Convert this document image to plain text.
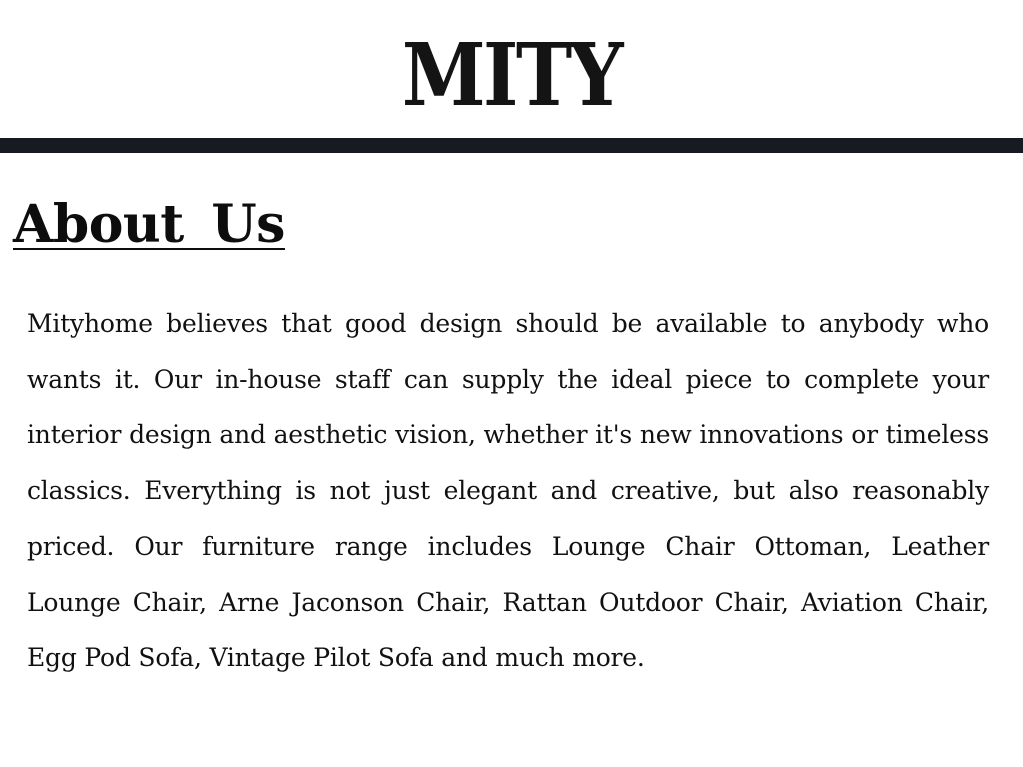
MITY
About Us

Mityhome believes that good design should be available to anybody who wants it. Our in-house staff can supply the ideal piece to complete your interior design and aesthetic vision, whether it's new innovations or timeless classics. Everything is not just elegant and creative, but also reasonably priced. Our furniture range includes Lounge Chair Ottoman, Leather Lounge Chair, Arne Jaconson Chair, Rattan Outdoor Chair, Aviation Chair, Egg Pod Sofa, Vintage Pilot Sofa and much more.
